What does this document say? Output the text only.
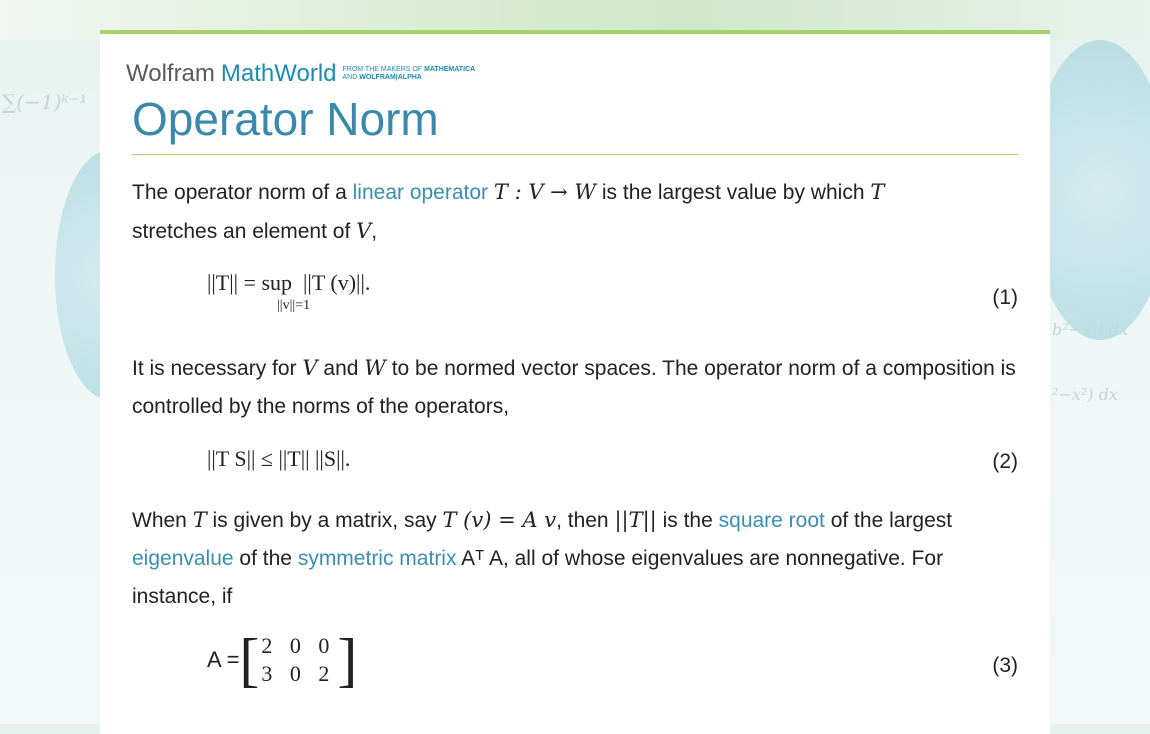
∑(−1)ᵏ⁻¹
b²−x²) dx
²−x²) dx
Wolfram MathWorld FROM THE MAKERS OF MATHEMATICA
AND WOLFRAM|ALPHA
Operator Norm
The operator norm of a linear operator T : V → W is the largest value by which T
stretches an element of V,
||T|| = sup ||T (v)||.
||v||=1	(1)
It is necessary for V and W to be normed vector spaces. The operator norm of a composition is controlled by the norms of the operators,
||T S|| ≤ ||T|| ||S||.	(2)
When T is given by a matrix, say T (v) = A v, then ||T|| is the square root of the largest
eigenvalue of the symmetric matrix Aᵀ A, all of whose eigenvalues are nonnegative. For instance, if
A = [ 2 0 0
3 0 2 ]	(3)
